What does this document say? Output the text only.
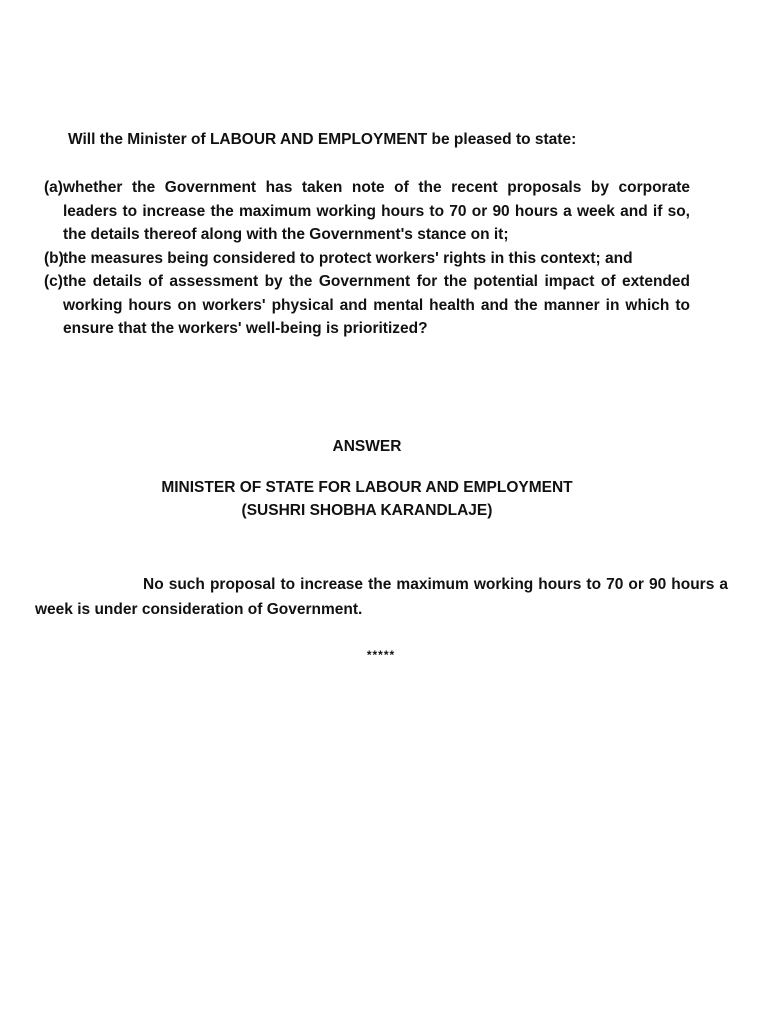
Will the Minister of LABOUR AND EMPLOYMENT be pleased to state:
(a) whether the Government has taken note of the recent proposals by corporate leaders to increase the maximum working hours to 70 or 90 hours a week and if so, the details thereof along with the Government's stance on it;
(b) the measures being considered to protect workers' rights in this context; and
(c) the details of assessment by the Government for the potential impact of extended working hours on workers' physical and mental health and the manner in which to ensure that the workers' well-being is prioritized?
ANSWER
MINISTER OF STATE FOR LABOUR AND EMPLOYMENT
(SUSHRI SHOBHA KARANDLAJE)
No such proposal to increase the maximum working hours to 70 or 90 hours a week is under consideration of Government.
*****
